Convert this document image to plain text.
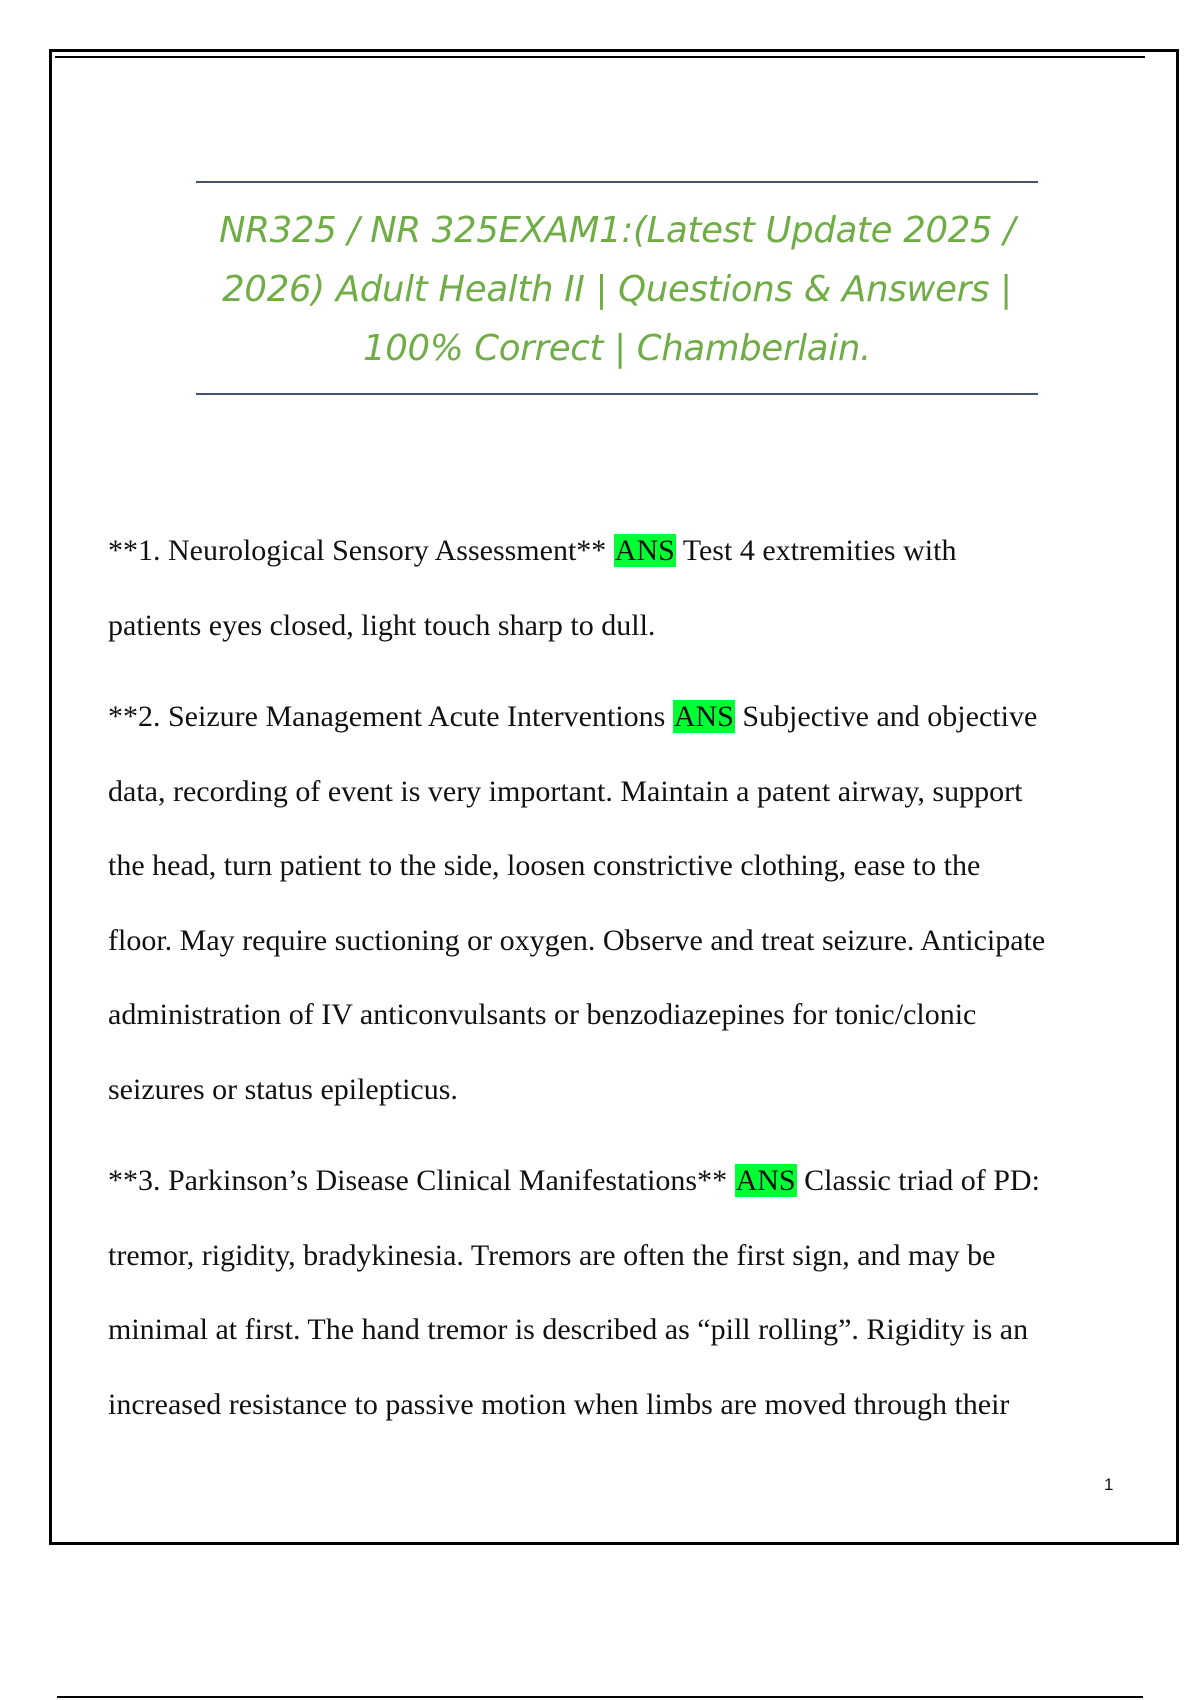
NR325 / NR 325EXAM1:(Latest Update 2025 /
2026) Adult Health II | Questions & Answers |
100% Correct | Chamberlain.
**1. Neurological Sensory Assessment** ANS Test 4 extremities with
patients eyes closed, light touch sharp to dull.
**2. Seizure Management Acute Interventions ANS Subjective and objective
data, recording of event is very important. Maintain a patent airway, support
the head, turn patient to the side, loosen constrictive clothing, ease to the
floor. May require suctioning or oxygen. Observe and treat seizure. Anticipate
administration of IV anticonvulsants or benzodiazepines for tonic/clonic
seizures or status epilepticus.
**3. Parkinson’s Disease Clinical Manifestations** ANS Classic triad of PD:
tremor, rigidity, bradykinesia. Tremors are often the first sign, and may be
minimal at first. The hand tremor is described as “pill rolling”. Rigidity is an
increased resistance to passive motion when limbs are moved through their
1
